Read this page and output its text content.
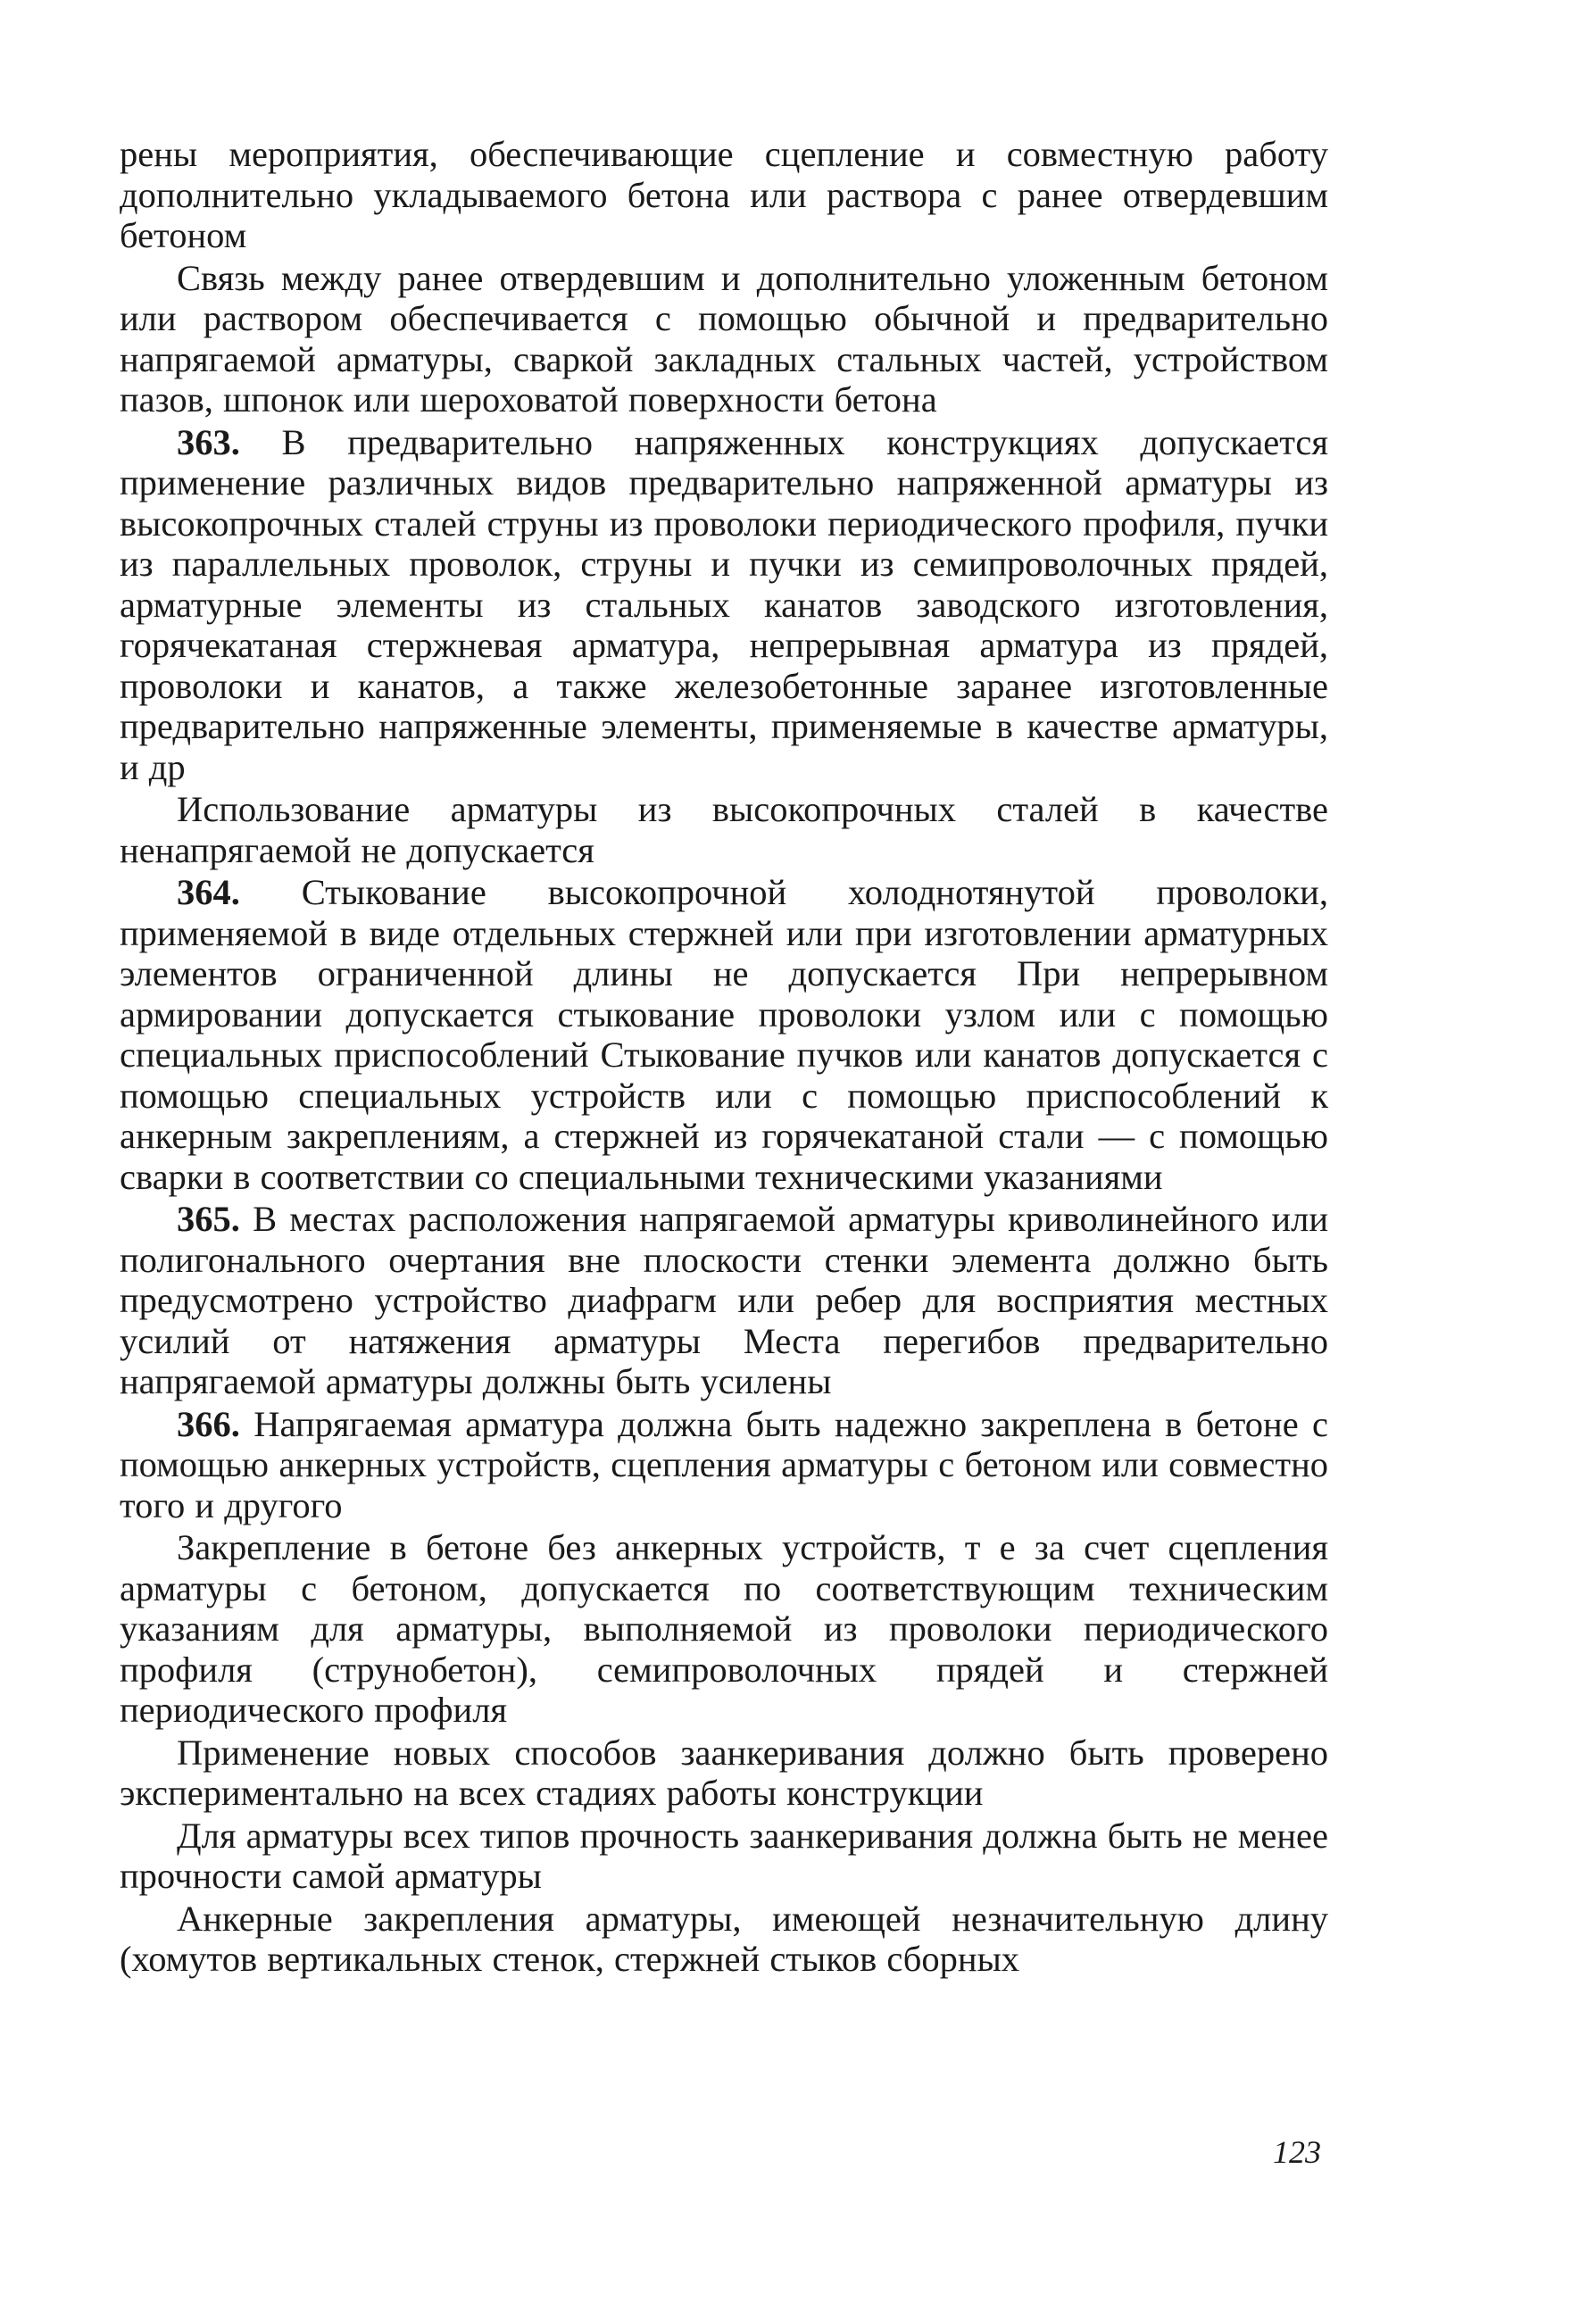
рены мероприятия, обеспечивающие сцепление и совместную работу дополнительно укладываемого бетона или раствора с ранее отвердевшим бетоном

Связь между ранее отвердевшим и дополнительно уложенным бетоном или раствором обеспечивается с помощью обычной и предварительно напрягаемой арматуры, сваркой закладных стальных частей, устройством пазов, шпонок или шероховатой поверхности бетона

363. В предварительно напряженных конструкциях допускается применение различных видов предварительно напряженной арматуры из высокопрочных сталей струны из проволоки периодического профиля, пучки из параллельных проволок, струны и пучки из семипроволочных прядей, арматурные элементы из стальных канатов заводского изготовления, горячекатаная стержневая арматура, непрерывная арматура из прядей, проволоки и канатов, а также железобетонные заранее изготовленные предварительно напряженные элементы, применяемые в качестве арматуры, и др

Использование арматуры из высокопрочных сталей в качестве ненапрягаемой не допускается

364. Стыкование высокопрочной холоднотянутой проволоки, применяемой в виде отдельных стержней или при изготовлении арматурных элементов ограниченной длины не допускается При непрерывном армировании допускается стыкование проволоки узлом или с помощью специальных приспособлений Стыкование пучков или канатов допускается с помощью специальных устройств или с помощью приспособлений к анкерным закреплениям, а стержней из горячекатаной стали — с помощью сварки в соответствии со специальными техническими указаниями

365. В местах расположения напрягаемой арматуры криволинейного или полигонального очертания вне плоскости стенки элемента должно быть предусмотрено устройство диафрагм или ребер для восприятия местных усилий от натяжения арматуры Места перегибов предварительно напрягаемой арматуры должны быть усилены

366. Напрягаемая арматура должна быть надежно закреплена в бетоне с помощью анкерных устройств, сцепления арматуры с бетоном или совместно того и другого

Закрепление в бетоне без анкерных устройств, т е за счет сцепления арматуры с бетоном, допускается по соответствующим техническим указаниям для арматуры, выполняемой из проволоки периодического профиля (струнобетон), семипроволочных прядей и стержней периодического профиля

Применение новых способов заанкеривания должно быть проверено экспериментально на всех стадиях работы конструкции

Для арматуры всех типов прочность заанкеривания должна быть не менее прочности самой арматуры

Анкерные закрепления арматуры, имеющей незначительную длину (хомутов вертикальных стенок, стержней стыков сборных

123
